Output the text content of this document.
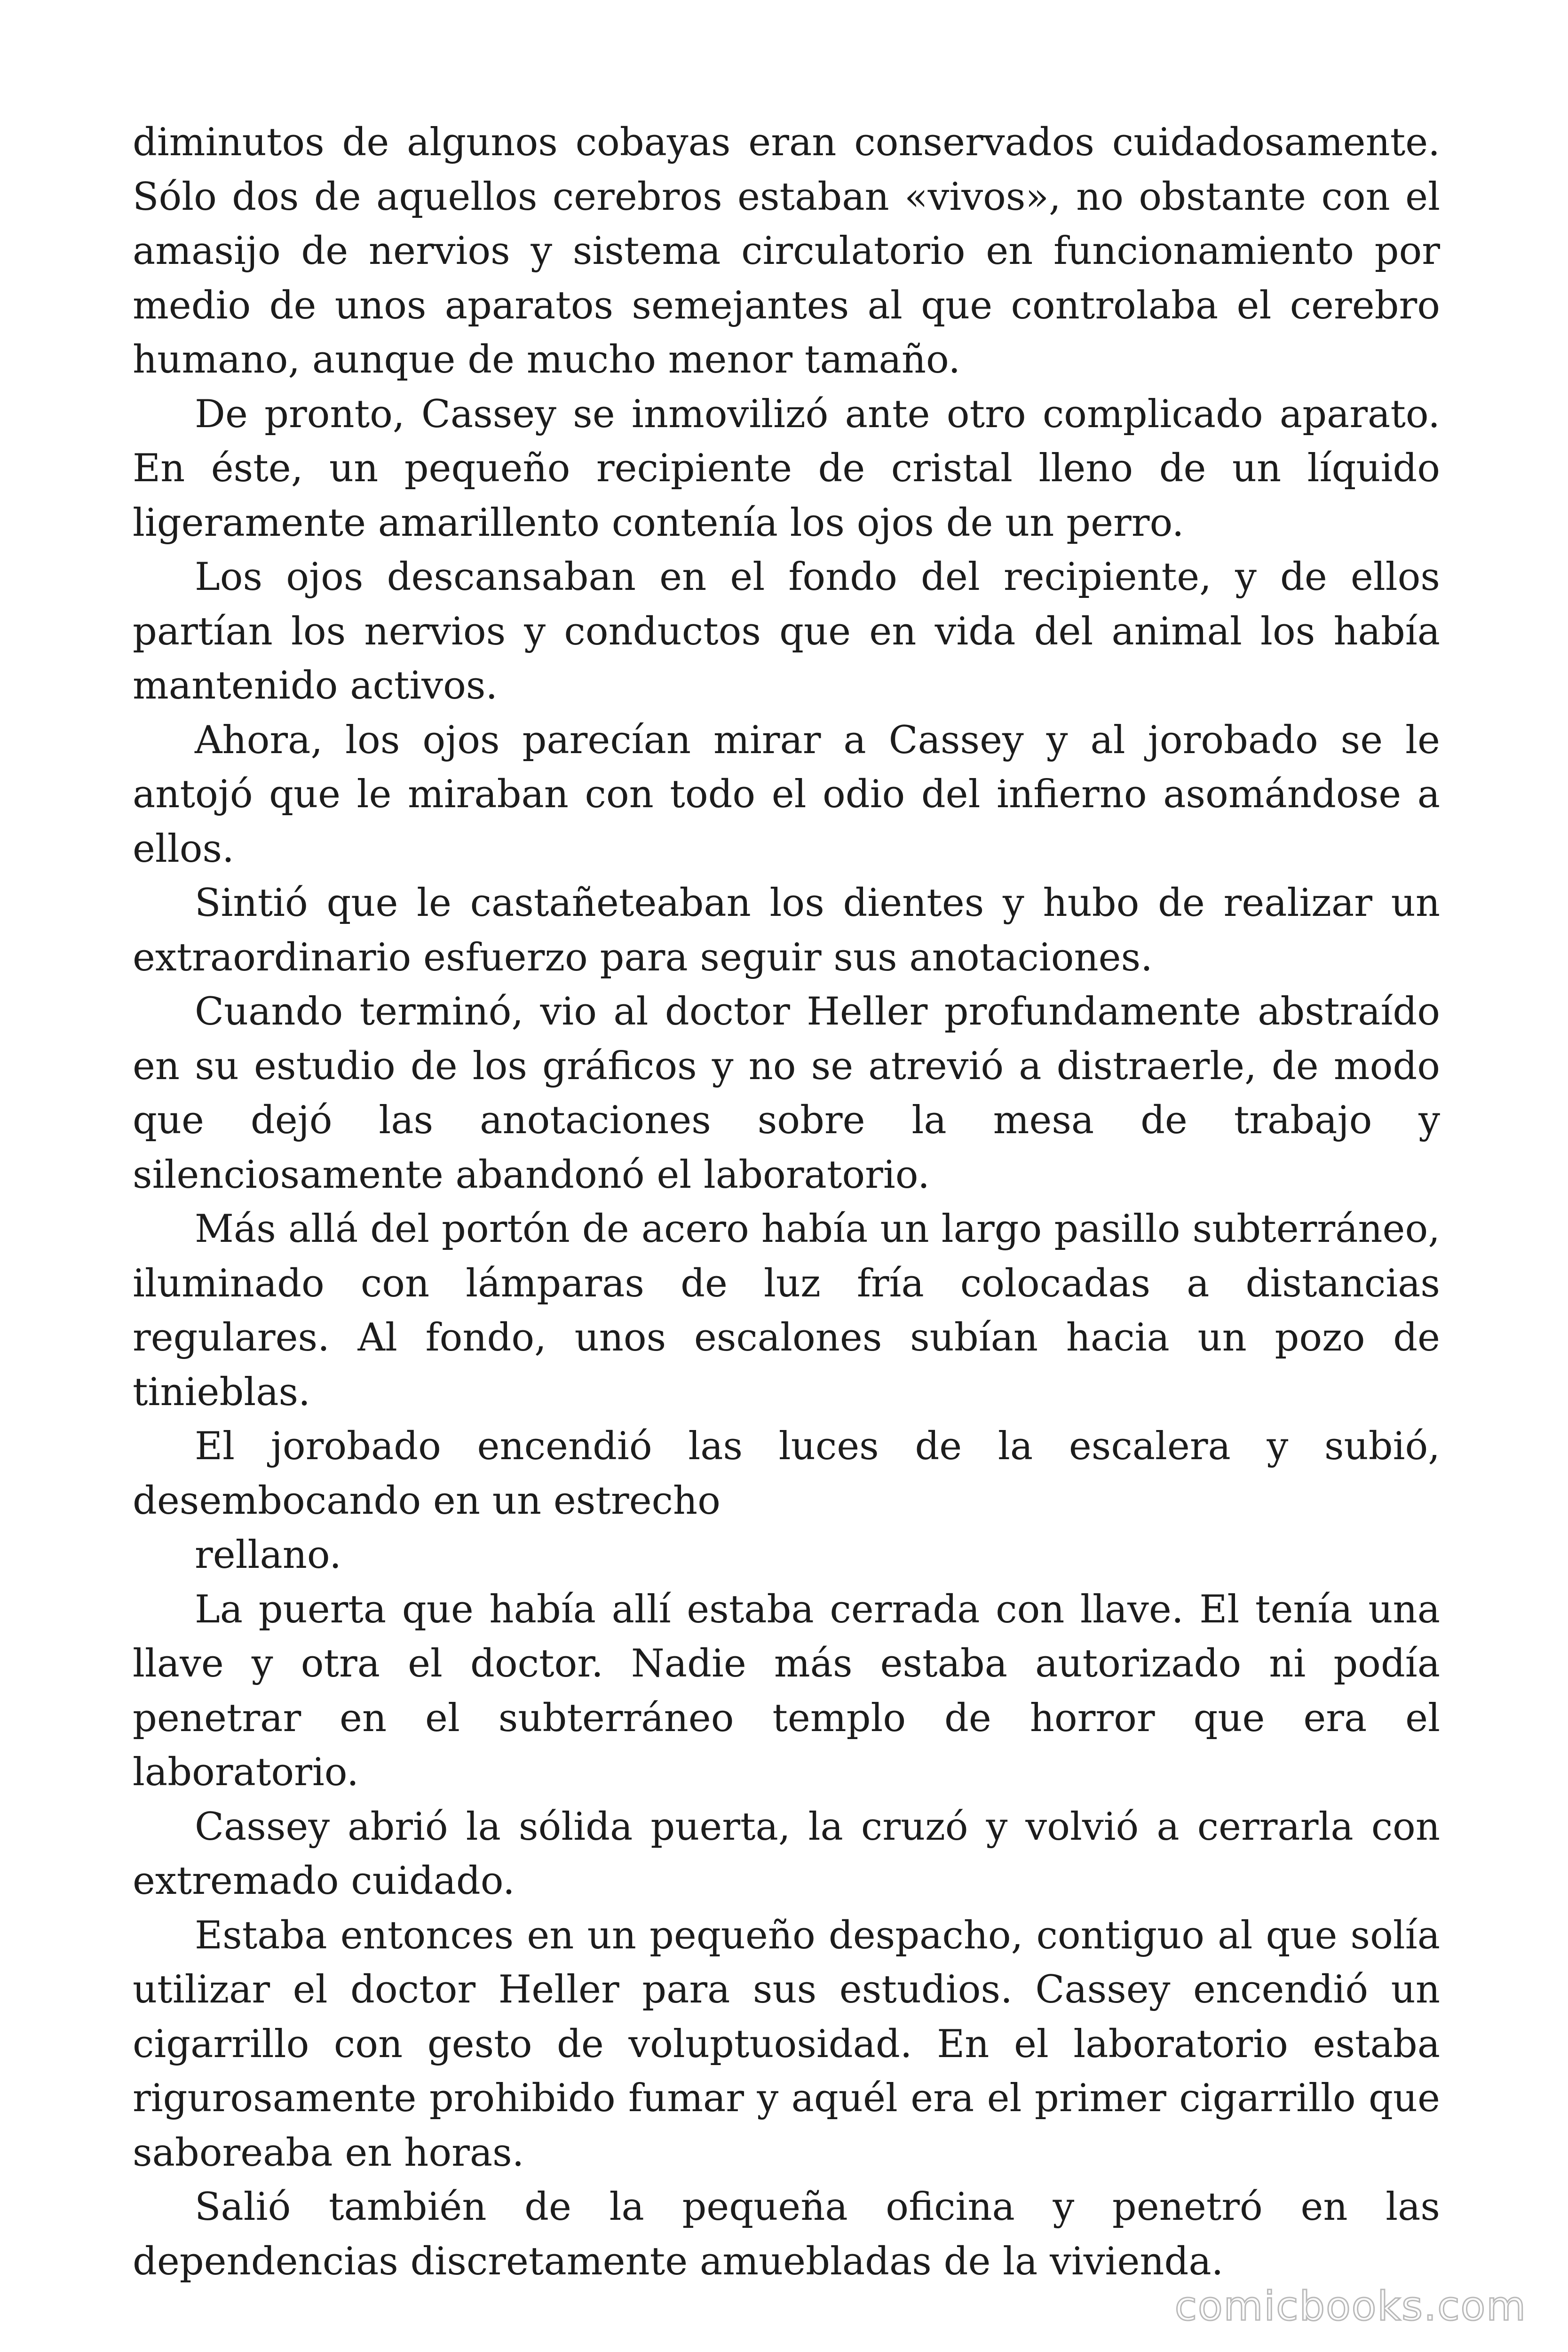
diminutos de algunos cobayas eran conservados cuidadosamente. Sólo dos de aquellos cerebros estaban «vivos», no obstante con el amasijo de nervios y sistema circulatorio en funcionamiento por medio de unos aparatos semejantes al que controlaba el cerebro humano, aunque de mucho menor tamaño.

De pronto, Cassey se inmovilizó ante otro complicado aparato. En éste, un pequeño recipiente de cristal lleno de un líquido ligeramente amarillento contenía los ojos de un perro.

Los ojos descansaban en el fondo del recipiente, y de ellos partían los nervios y conductos que en vida del animal los había mantenido activos.

Ahora, los ojos parecían mirar a Cassey y al jorobado se le antojó que le miraban con todo el odio del infierno asomándose a ellos.

Sintió que le castañeteaban los dientes y hubo de realizar un extraordinario esfuerzo para seguir sus anotaciones.

Cuando terminó, vio al doctor Heller profundamente abstraído en su estudio de los gráficos y no se atrevió a distraerle, de modo que dejó las anotaciones sobre la mesa de trabajo y silenciosamente abandonó el laboratorio.

Más allá del portón de acero había un largo pasillo subterráneo, iluminado con lámparas de luz fría colocadas a distancias regulares. Al fondo, unos escalones subían hacia un pozo de tinieblas.

El jorobado encendió las luces de la escalera y subió, desembocando en un estrecho

rellano.

La puerta que había allí estaba cerrada con llave. El tenía una llave y otra el doctor. Nadie más estaba autorizado ni podía penetrar en el subterráneo templo de horror que era el laboratorio.

Cassey abrió la sólida puerta, la cruzó y volvió a cerrarla con extremado cuidado.

Estaba entonces en un pequeño despacho, contiguo al que solía utilizar el doctor Heller para sus estudios. Cassey encendió un cigarrillo con gesto de voluptuosidad. En el laboratorio estaba rigurosamente prohibido fumar y aquél era el primer cigarrillo que saboreaba en horas.

Salió también de la pequeña oficina y penetró en las dependencias discretamente amuebladas de la vivienda.

comicbooks.com
